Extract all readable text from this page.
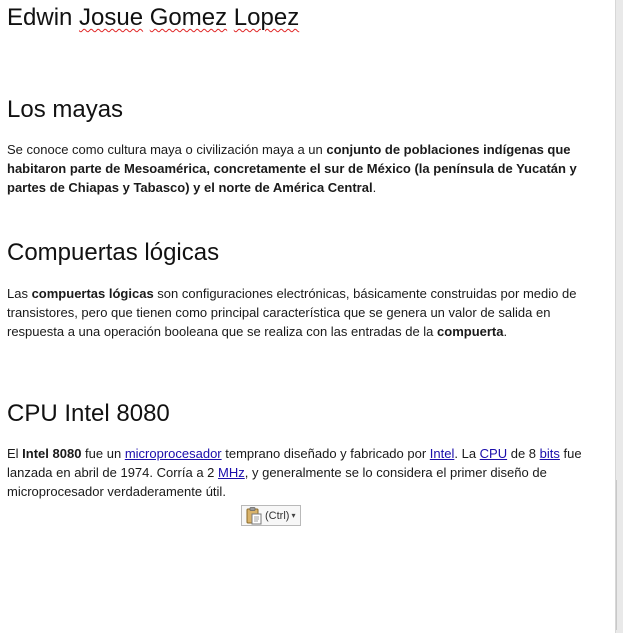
Edwin Josue Gomez Lopez
Los mayas
Se conoce como cultura maya o civilización maya a un conjunto de poblaciones indígenas que habitaron parte de Mesoamérica, concretamente el sur de México (la península de Yucatán y partes de Chiapas y Tabasco) y el norte de América Central.
Compuertas lógicas
Las compuertas lógicas son configuraciones electrónicas, básicamente construidas por medio de transistores, pero que tienen como principal característica que se genera un valor de salida en respuesta a una operación booleana que se realiza con las entradas de la compuerta.
CPU Intel 8080
El Intel 8080 fue un microprocesador temprano diseñado y fabricado por Intel. La CPU de 8 bits fue lanzada en abril de 1974. Corría a 2 MHz, y generalmente se lo considera el primer diseño de microprocesador verdaderamente útil.
(Ctrl) ▾
